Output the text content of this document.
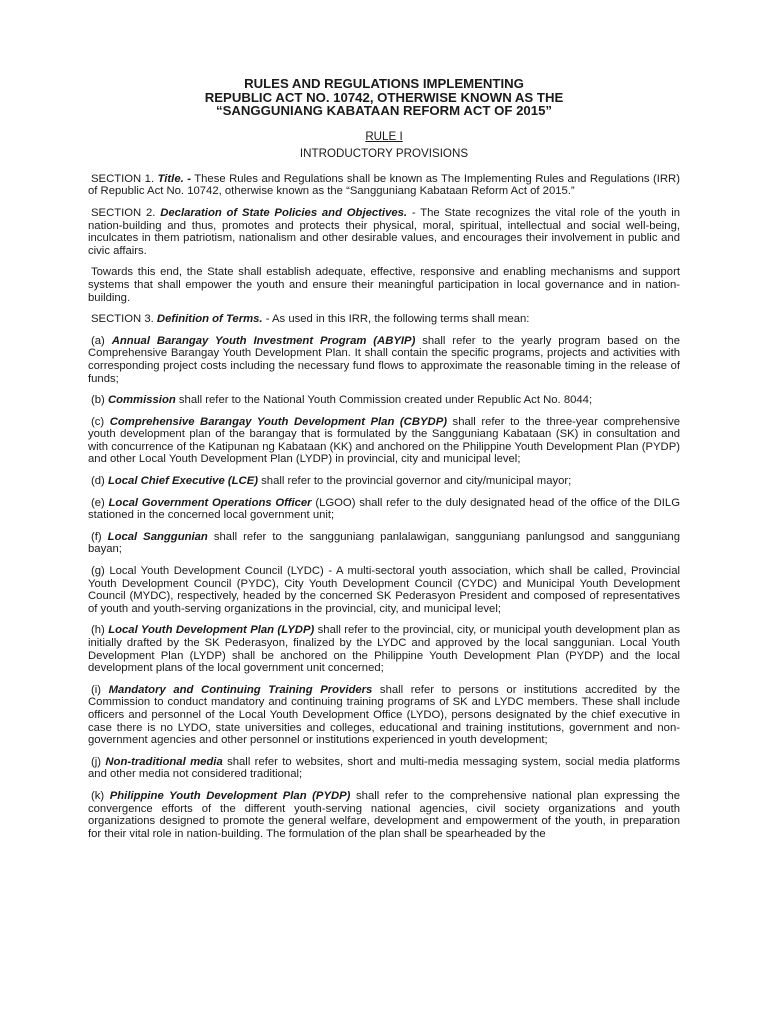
RULES AND REGULATIONS IMPLEMENTING
REPUBLIC ACT NO. 10742, OTHERWISE KNOWN AS THE
“SANGGUNIANG KABATAAN REFORM ACT OF 2015”
RULE I
INTRODUCTORY PROVISIONS

SECTION 1. Title. - These Rules and Regulations shall be known as The Implementing Rules and Regulations (IRR) of Republic Act No. 10742, otherwise known as the “Sangguniang Kabataan Reform Act of 2015.”

SECTION 2. Declaration of State Policies and Objectives. - The State recognizes the vital role of the youth in nation-building and thus, promotes and protects their physical, moral, spiritual, intellectual and social well-being, inculcates in them patriotism, nationalism and other desirable values, and encourages their involvement in public and civic affairs.

Towards this end, the State shall establish adequate, effective, responsive and enabling mechanisms and support systems that shall empower the youth and ensure their meaningful participation in local governance and in nation-building.

SECTION 3. Definition of Terms. - As used in this IRR, the following terms shall mean:

(a) Annual Barangay Youth Investment Program (ABYIP) shall refer to the yearly program based on the Comprehensive Barangay Youth Development Plan. It shall contain the specific programs, projects and activities with corresponding project costs including the necessary fund flows to approximate the reasonable timing in the release of funds;

(b) Commission shall refer to the National Youth Commission created under Republic Act No. 8044;

(c) Comprehensive Barangay Youth Development Plan (CBYDP) shall refer to the three-year comprehensive youth development plan of the barangay that is formulated by the Sangguniang Kabataan (SK) in consultation and with concurrence of the Katipunan ng Kabataan (KK) and anchored on the Philippine Youth Development Plan (PYDP) and other Local Youth Development Plan (LYDP) in provincial, city and municipal level;

(d) Local Chief Executive (LCE) shall refer to the provincial governor and city/municipal mayor;

(e) Local Government Operations Officer (LGOO) shall refer to the duly designated head of the office of the DILG stationed in the concerned local government unit;

(f) Local Sanggunian shall refer to the sangguniang panlalawigan, sangguniang panlungsod and sangguniang bayan;

(g) Local Youth Development Council (LYDC) - A multi-sectoral youth association, which shall be called, Provincial Youth Development Council (PYDC), City Youth Development Council (CYDC) and Municipal Youth Development Council (MYDC), respectively, headed by the concerned SK Pederasyon President and composed of representatives of youth and youth-serving organizations in the provincial, city, and municipal level;

(h) Local Youth Development Plan (LYDP) shall refer to the provincial, city, or municipal youth development plan as initially drafted by the SK Pederasyon, finalized by the LYDC and approved by the local sanggunian. Local Youth Development Plan (LYDP) shall be anchored on the Philippine Youth Development Plan (PYDP) and the local development plans of the local government unit concerned;

(i) Mandatory and Continuing Training Providers shall refer to persons or institutions accredited by the Commission to conduct mandatory and continuing training programs of SK and LYDC members. These shall include officers and personnel of the Local Youth Development Office (LYDO), persons designated by the chief executive in case there is no LYDO, state universities and colleges, educational and training institutions, government and non-government agencies and other personnel or institutions experienced in youth development;

(j) Non-traditional media shall refer to websites, short and multi-media messaging system, social media platforms and other media not considered traditional;

(k) Philippine Youth Development Plan (PYDP) shall refer to the comprehensive national plan expressing the convergence efforts of the different youth-serving national agencies, civil society organizations and youth organizations designed to promote the general welfare, development and empowerment of the youth, in preparation for their vital role in nation-building. The formulation of the plan shall be spearheaded by the
